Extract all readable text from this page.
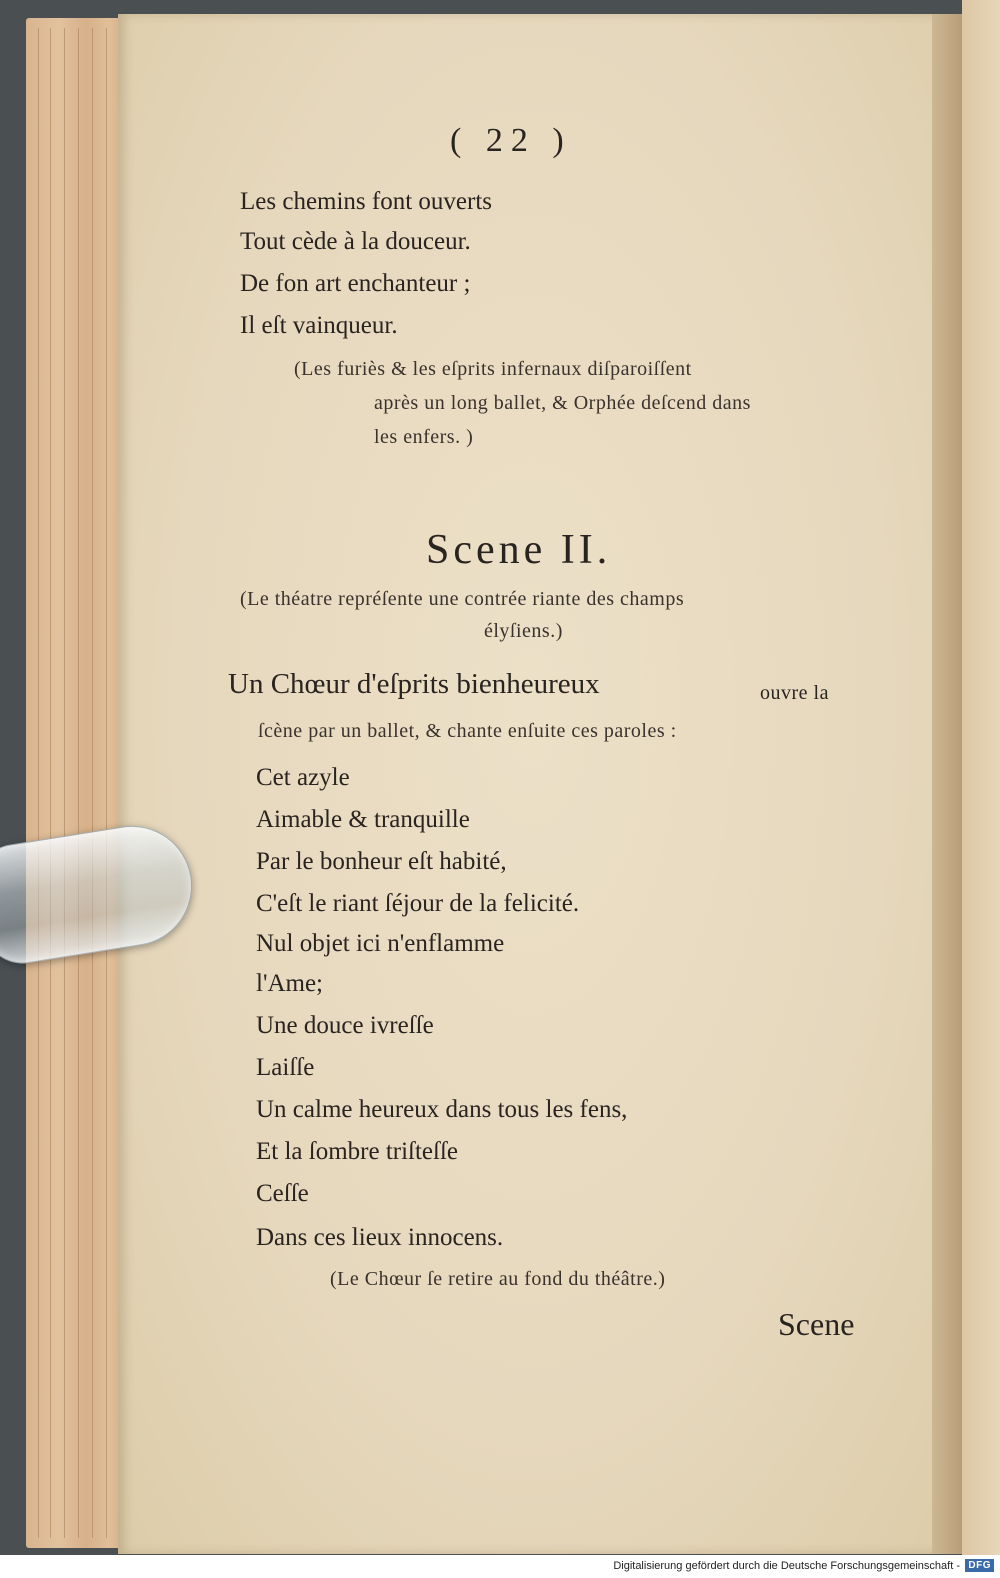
( 22 )
Les chemins font ouverts
Tout cède à la douceur.
De fon art enchanteur ;
Il eſt vainqueur.
(Les furiès & les eſprits infernaux diſparoiſſent
après un long ballet, & Orphée deſcend dans
les enfers. )
Scene II.
(Le théatre repréſente une contrée riante des champs
élyſiens.)
Un Chœur d'eſprits bienheureux	ouvre la
ſcène par un ballet, & chante enſuite ces paroles :
Cet azyle
Aimable & tranquille
Par le bonheur eſt habité,
C'eſt le riant ſéjour de la felicité.
Nul objet ici n'enflamme
l'Ame;
Une douce ivreſſe
Laiſſe
Un calme heureux dans tous les fens,
Et la ſombre triſteſſe
Ceſſe
Dans ces lieux innocens.
(Le Chœur ſe retire au fond du théâtre.)
Scene
Digitalisierung gefördert durch die Deutsche Forschungsgemeinschaft - DFG
